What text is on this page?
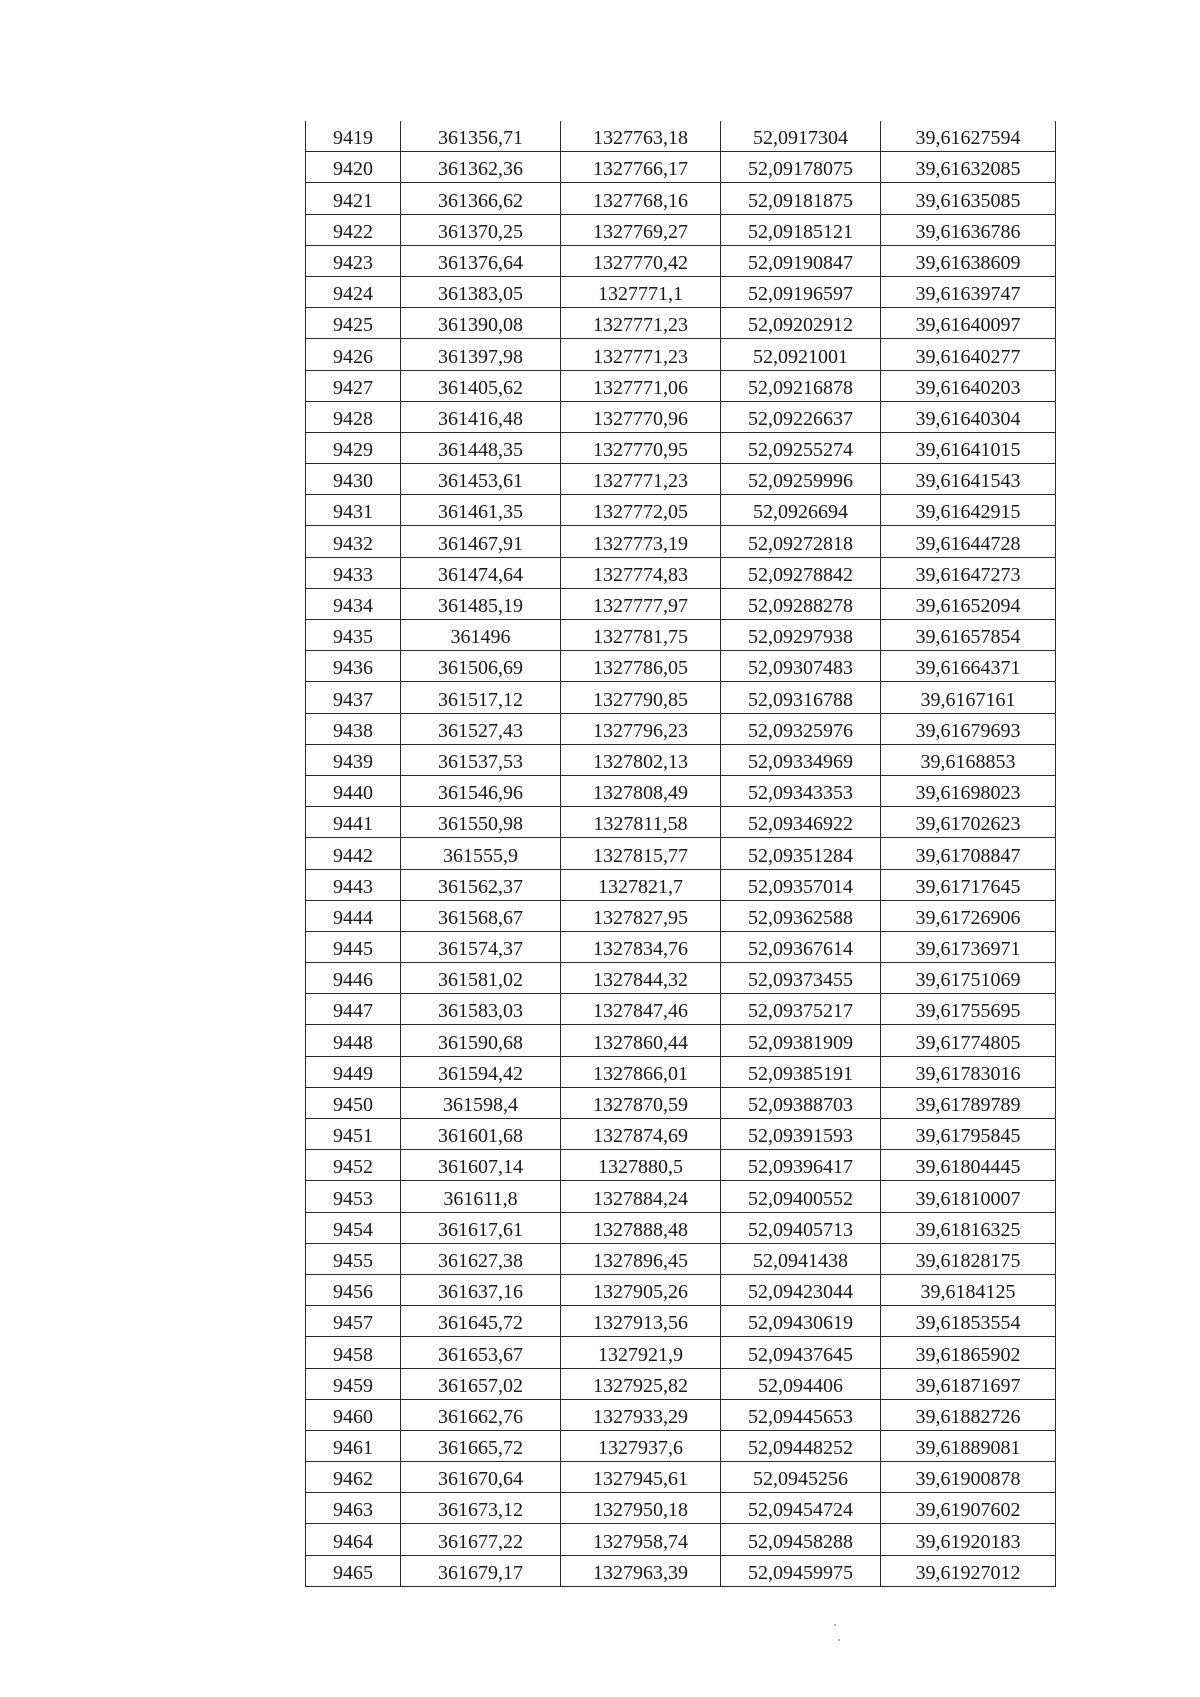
9419	361356,71	1327763,18	52,0917304	39,61627594
9420	361362,36	1327766,17	52,09178075	39,61632085
9421	361366,62	1327768,16	52,09181875	39,61635085
9422	361370,25	1327769,27	52,09185121	39,61636786
9423	361376,64	1327770,42	52,09190847	39,61638609
9424	361383,05	1327771,1	52,09196597	39,61639747
9425	361390,08	1327771,23	52,09202912	39,61640097
9426	361397,98	1327771,23	52,0921001	39,61640277
9427	361405,62	1327771,06	52,09216878	39,61640203
9428	361416,48	1327770,96	52,09226637	39,61640304
9429	361448,35	1327770,95	52,09255274	39,61641015
9430	361453,61	1327771,23	52,09259996	39,61641543
9431	361461,35	1327772,05	52,0926694	39,61642915
9432	361467,91	1327773,19	52,09272818	39,61644728
9433	361474,64	1327774,83	52,09278842	39,61647273
9434	361485,19	1327777,97	52,09288278	39,61652094
9435	361496	1327781,75	52,09297938	39,61657854
9436	361506,69	1327786,05	52,09307483	39,61664371
9437	361517,12	1327790,85	52,09316788	39,6167161
9438	361527,43	1327796,23	52,09325976	39,61679693
9439	361537,53	1327802,13	52,09334969	39,6168853
9440	361546,96	1327808,49	52,09343353	39,61698023
9441	361550,98	1327811,58	52,09346922	39,61702623
9442	361555,9	1327815,77	52,09351284	39,61708847
9443	361562,37	1327821,7	52,09357014	39,61717645
9444	361568,67	1327827,95	52,09362588	39,61726906
9445	361574,37	1327834,76	52,09367614	39,61736971
9446	361581,02	1327844,32	52,09373455	39,61751069
9447	361583,03	1327847,46	52,09375217	39,61755695
9448	361590,68	1327860,44	52,09381909	39,61774805
9449	361594,42	1327866,01	52,09385191	39,61783016
9450	361598,4	1327870,59	52,09388703	39,61789789
9451	361601,68	1327874,69	52,09391593	39,61795845
9452	361607,14	1327880,5	52,09396417	39,61804445
9453	361611,8	1327884,24	52,09400552	39,61810007
9454	361617,61	1327888,48	52,09405713	39,61816325
9455	361627,38	1327896,45	52,0941438	39,61828175
9456	361637,16	1327905,26	52,09423044	39,6184125
9457	361645,72	1327913,56	52,09430619	39,61853554
9458	361653,67	1327921,9	52,09437645	39,61865902
9459	361657,02	1327925,82	52,094406	39,61871697
9460	361662,76	1327933,29	52,09445653	39,61882726
9461	361665,72	1327937,6	52,09448252	39,61889081
9462	361670,64	1327945,61	52,0945256	39,61900878
9463	361673,12	1327950,18	52,09454724	39,61907602
9464	361677,22	1327958,74	52,09458288	39,61920183
9465	361679,17	1327963,39	52,09459975	39,61927012
